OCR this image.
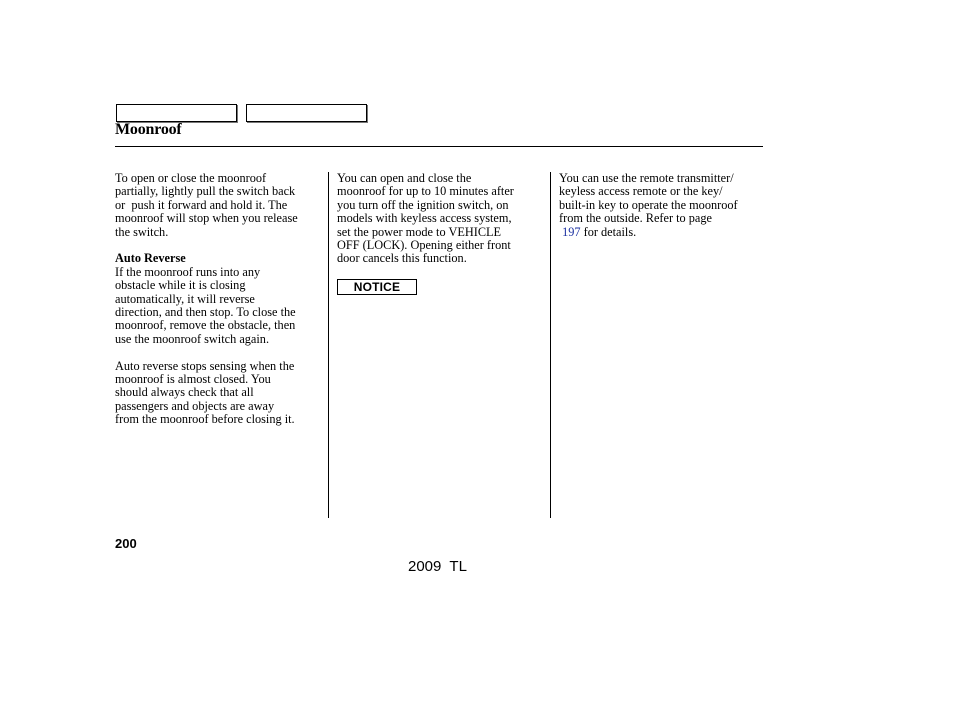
Moonroof
To open or close the moonroof
partially, lightly pull the switch back
or  push it forward and hold it. The
moonroof will stop when you release
the switch.
Auto Reverse
If the moonroof runs into any
obstacle while it is closing
automatically, it will reverse
direction, and then stop. To close the
moonroof, remove the obstacle, then
use the moonroof switch again.
Auto reverse stops sensing when the
moonroof is almost closed. You
should always check that all
passengers and objects are away
from the moonroof before closing it.
You can open and close the
moonroof for up to 10 minutes after
you turn off the ignition switch, on
models with keyless access system,
set the power mode to VEHICLE
OFF (LOCK). Opening either front
door cancels this function.
NOTICE
You can use the remote transmitter/
keyless access remote or the key/
built-in key to operate the moonroof
from the outside. Refer to page
197 for details.
200
2009  TL
